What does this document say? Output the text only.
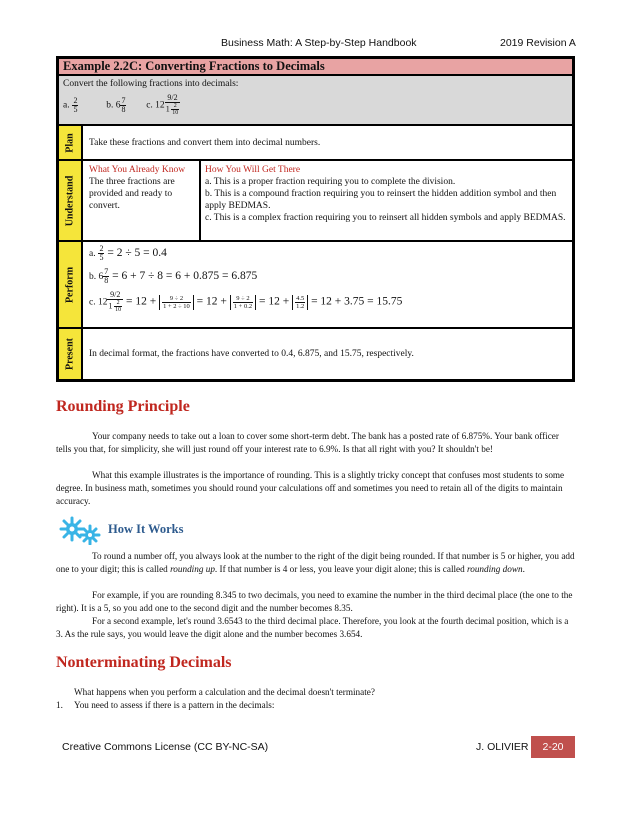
Business Math: A Step-by-Step Handbook	2019 Revision A
Example 2.2C: Converting Fractions to Decimals
Convert the following fractions into decimals:
a. $\frac{2}{5}$	b. $6 \frac{7}{8} c$. $12 \frac{9/2}{1 \frac{2}{10}}$
Plan Take these fractions and convert them into decimal numbers.
Understand
What You Already Know
The three fractions are provided and ready to convert.
How You Will Get There
a. This is a proper fraction requiring you to complete the division.
b. This is a compound fraction requiring you to reinsert the hidden addition symbol and then apply BEDMAS.
c. This is a complex fraction requiring you to reinsert all hidden symbols and apply BEDMAS.
Perform
a. $\frac{2}{5} = 2 \div 5 = 0.4$
b. $6 \frac{7}{8} = 6 + 7 \div 8 = 6 + 0.875 = 6.875$
c. $12 \frac{9/2}{1 \frac{2}{10}} = 12 + \frac{9 \div 2}{1 + 2 \div 10} = 12 + \frac{9 \div 2}{1 + 0.2} = 12 + \frac{4.5}{1.2} = 12 + 3.75 = 15.75$
Present In decimal format, the fractions have converted to 0.4, 6.875, and 15.75, respectively.
Rounding Principle
Your company needs to take out a loan to cover some short-term debt. The bank has a posted rate of 6.875%. Your bank officer tells you that, for simplicity, she will just round off your interest rate to 6.9%. Is that all right with you? It shouldn't be!
What this example illustrates is the importance of rounding. This is a slightly tricky concept that confuses most students to some degree. In business math, sometimes you should round your calculations off and sometimes you need to retain all of the digits to maintain accuracy.
How It Works
To round a number off, you always look at the number to the right of the digit being rounded. If that number is 5 or higher, you add one to your digit; this is called rounding up. If that number is 4 or less, you leave your digit alone; this is called rounding down.
For example, if you are rounding 8.345 to two decimals, you need to examine the number in the third decimal place (the one to the right). It is a 5, so you add one to the second digit and the number becomes 8.35.
For a second example, let's round 3.6543 to the third decimal place. Therefore, you look at the fourth decimal position, which is a 3. As the rule says, you would leave the digit alone and the number becomes 3.654.
Nonterminating Decimals
What happens when you perform a calculation and the decimal doesn't terminate?
1. You need to assess if there is a pattern in the decimals:
Creative Commons License (CC BY-NC-SA)	J. OLIVIER	2-20
